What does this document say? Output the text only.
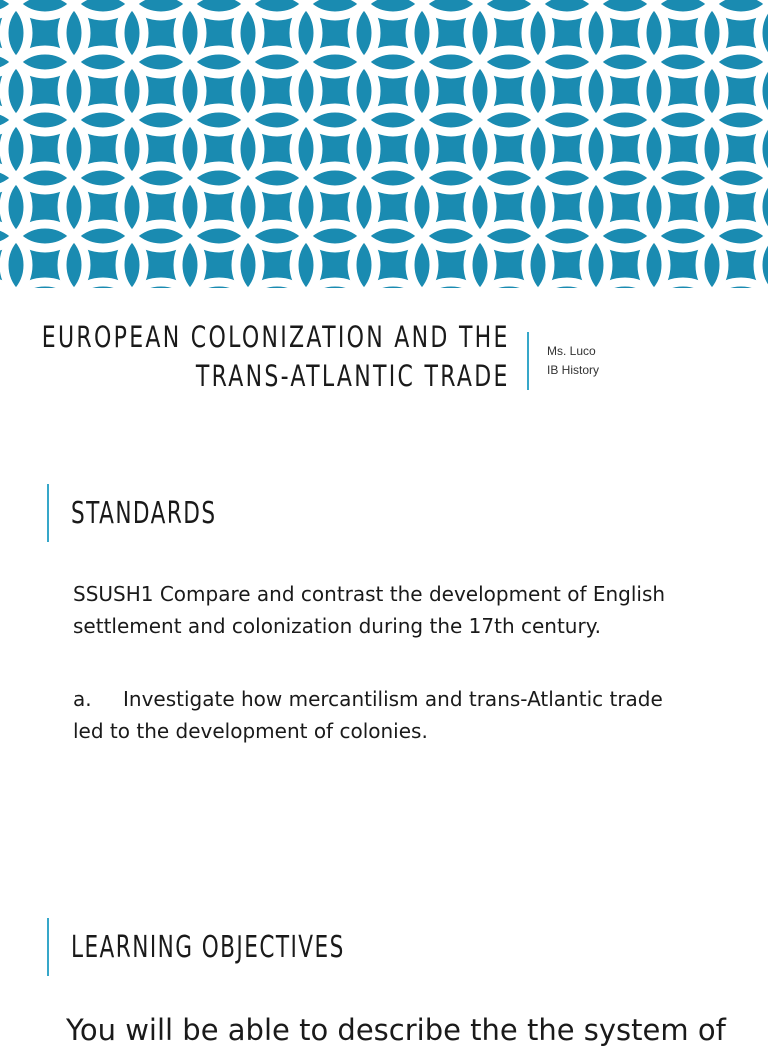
EUROPEAN COLONIZATION AND THE
TRANS-ATLANTIC TRADE
Ms. Luco
IB History
STANDARDS

SSUSH1 Compare and contrast the development of English settlement and colonization during the 17th century.

a. Investigate how mercantilism and trans-Atlantic trade led to the development of colonies.

LEARNING OBJECTIVES

You will be able to describe the the system of
